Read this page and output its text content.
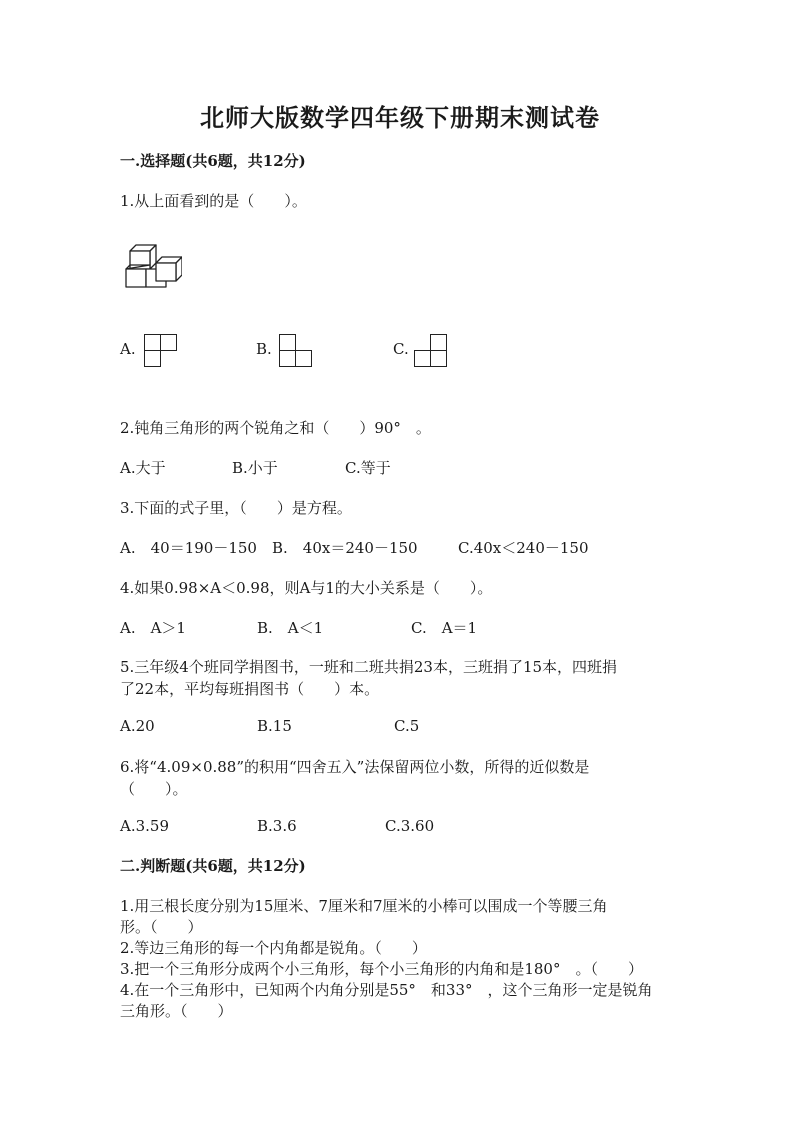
北师大版数学四年级下册期末测试卷
一.选择题(共6题，共12分)
1.从上面看到的是（　　）。
A.	B.	C.
2.钝角三角形的两个锐角之和（　　）90°　。
A.大于	B.小于	C.等于
3.下面的式子里，（　　）是方程。
A.　40＝190－150 B.　40x＝240－150	C.40x＜240－150
4.如果0.98×A＜0.98，则A与1的大小关系是（　　）。
A.　A＞1	B.　A＜1	C.　A＝1
5.三年级4个班同学捐图书，一班和二班共捐23本，三班捐了15本，四班捐
了22本，平均每班捐图书（　　）本。
A.20	B.15	C.5
6.将“4.09×0.88”的积用“四舍五入”法保留两位小数，所得的近似数是
（　　）。
A.3.59	B.3.6	C.3.60
二.判断题(共6题，共12分)
1.用三根长度分别为15厘米、7厘米和7厘米的小棒可以围成一个等腰三角
形。（　　）
2.等边三角形的每一个内角都是锐角。（　　）
3.把一个三角形分成两个小三角形，每个小三角形的内角和是180°　。（　　）
4.在一个三角形中，已知两个内角分别是55°　和33°　，这个三角形一定是锐角
三角形。（　　）
